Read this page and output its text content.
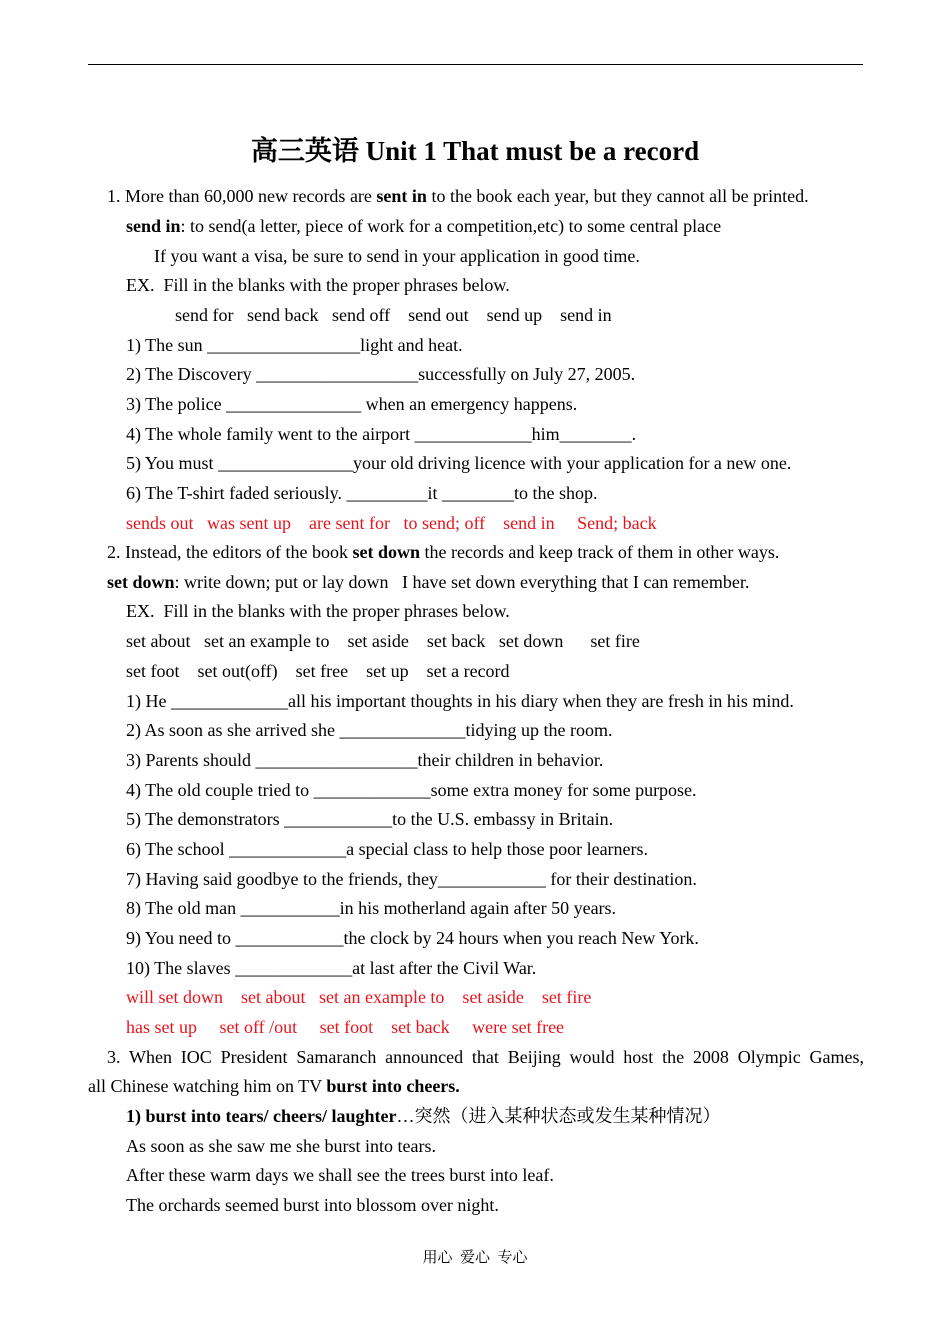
高三英语 Unit 1 That must be a record
1. More than 60,000 new records are sent in to the book each year, but they cannot all be printed.
send in: to send(a letter, piece of work for a competition,etc) to some central place
If you want a visa, be sure to send in your application in good time.
EX.  Fill in the blanks with the proper phrases below.
send for   send back   send off    send out    send up    send in
1) The sun _________________light and heat.
2) The Discovery __________________successfully on July 27, 2005.
3) The police _______________ when an emergency happens.
4) The whole family went to the airport _____________him________.
5) You must _______________your old driving licence with your application for a new one.
6) The T-shirt faded seriously. _________it ________to the shop.
sends out   was sent up    are sent for   to send; off    send in     Send; back
2. Instead, the editors of the book set down the records and keep track of them in other ways.
set down: write down; put or lay down   I have set down everything that I can remember.
EX.  Fill in the blanks with the proper phrases below.
set about   set an example to    set aside    set back   set down      set fire
set foot    set out(off)    set free    set up    set a record
1) He _____________all his important thoughts in his diary when they are fresh in his mind.
2) As soon as she arrived she ______________tidying up the room.
3) Parents should __________________their children in behavior.
4) The old couple tried to _____________some extra money for some purpose.
5) The demonstrators ____________to the U.S. embassy in Britain.
6) The school _____________a special class to help those poor learners.
7) Having said goodbye to the friends, they____________ for their destination.
8) The old man ___________in his motherland again after 50 years.
9) You need to ____________the clock by 24 hours when you reach New York.
10) The slaves _____________at last after the Civil War.
will set down    set about   set an example to    set aside    set fire
has set up     set off /out     set foot    set back     were set free
3. When IOC President Samaranch announced that Beijing would host the 2008 Olympic Games,
all Chinese watching him on TV burst into cheers.
1) burst into tears/ cheers/ laughter…突然（进入某种状态或发生某种情况）
As soon as she saw me she burst into tears.
After these warm days we shall see the trees burst into leaf.
The orchards seemed burst into blossom over night.
用心  爱心  专心
